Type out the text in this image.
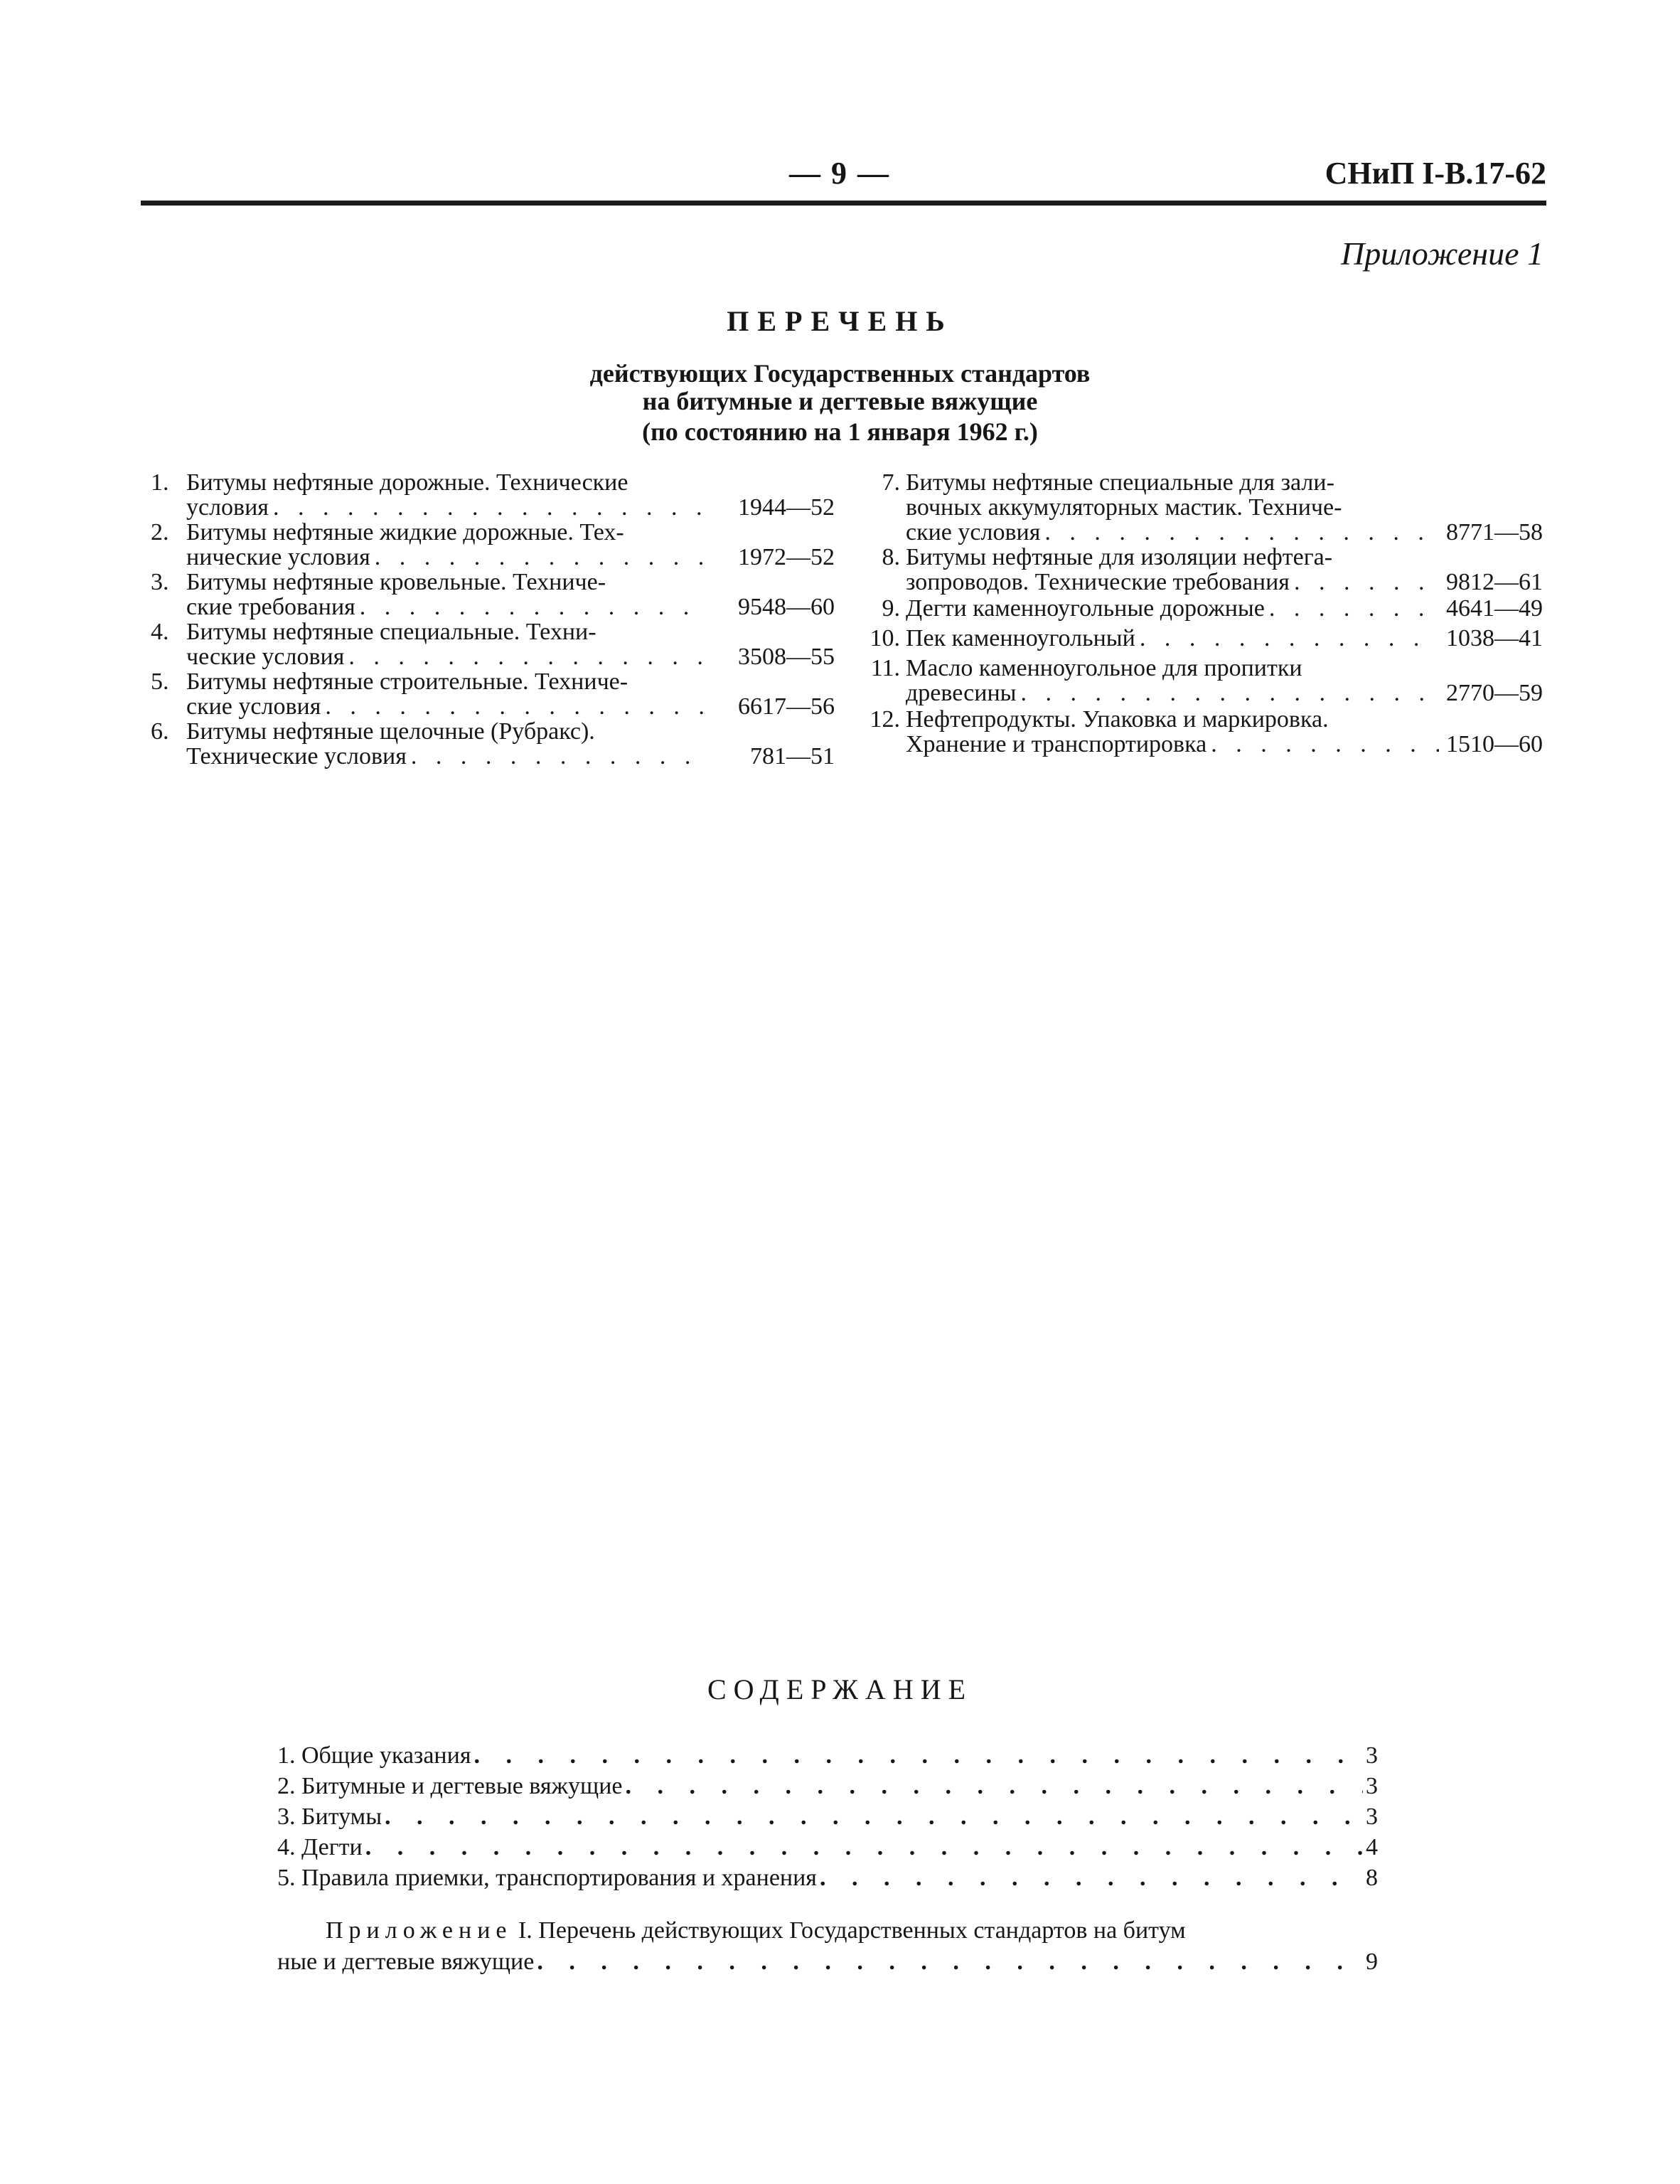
— 9 —	СНиП I-В.17-62
Приложение 1
ПЕРЕЧЕНЬ
действующих Государственных стандартов
на битумные и дегтевые вяжущие
(по состоянию на 1 января 1962 г.)
1. Битумы нефтяные дорожные. Технические
условия . . .	1944—52
2. Битумы нефтяные жидкие дорожные. Тех-
нические условия . . .	1972—52
3. Битумы нефтяные кровельные. Техниче-
ские требования . . .	9548—60
4. Битумы нефтяные специальные. Техни-
ческие условия . . .	3508—55
5. Битумы нефтяные строительные. Техниче-
ские условия . . .	6617—56
6. Битумы нефтяные щелочные (Рубракс).
Технические условия . . .	781—51
7. Битумы нефтяные специальные для зали-
вочных аккумуляторных мастик. Техниче-
ские условия . . .	8771—58
8. Битумы нефтяные для изоляции нефтега-
зопроводов. Технические требования . . .	9812—61
9. Дегти каменноугольные дорожные . . .	4641—49
10. Пек каменноугольный . . .	1038—41
11. Масло каменноугольное для пропитки
древесины . . .	2770—59
12. Нефтепродукты. Упаковка и маркировка.
Хранение и транспортировка . . .	1510—60
СОДЕРЖАНИЕ
1. Общие указания . . .	3
2. Битумные и дегтевые вяжущие . . .	3
3. Битумы . . .	3
4. Дегти . . .	4
5. Правила приемки, транспортирования и хранения . . .	8
Приложение I. Перечень действующих Государственных стандартов на битум
ные и дегтевые вяжущие . . .	9
